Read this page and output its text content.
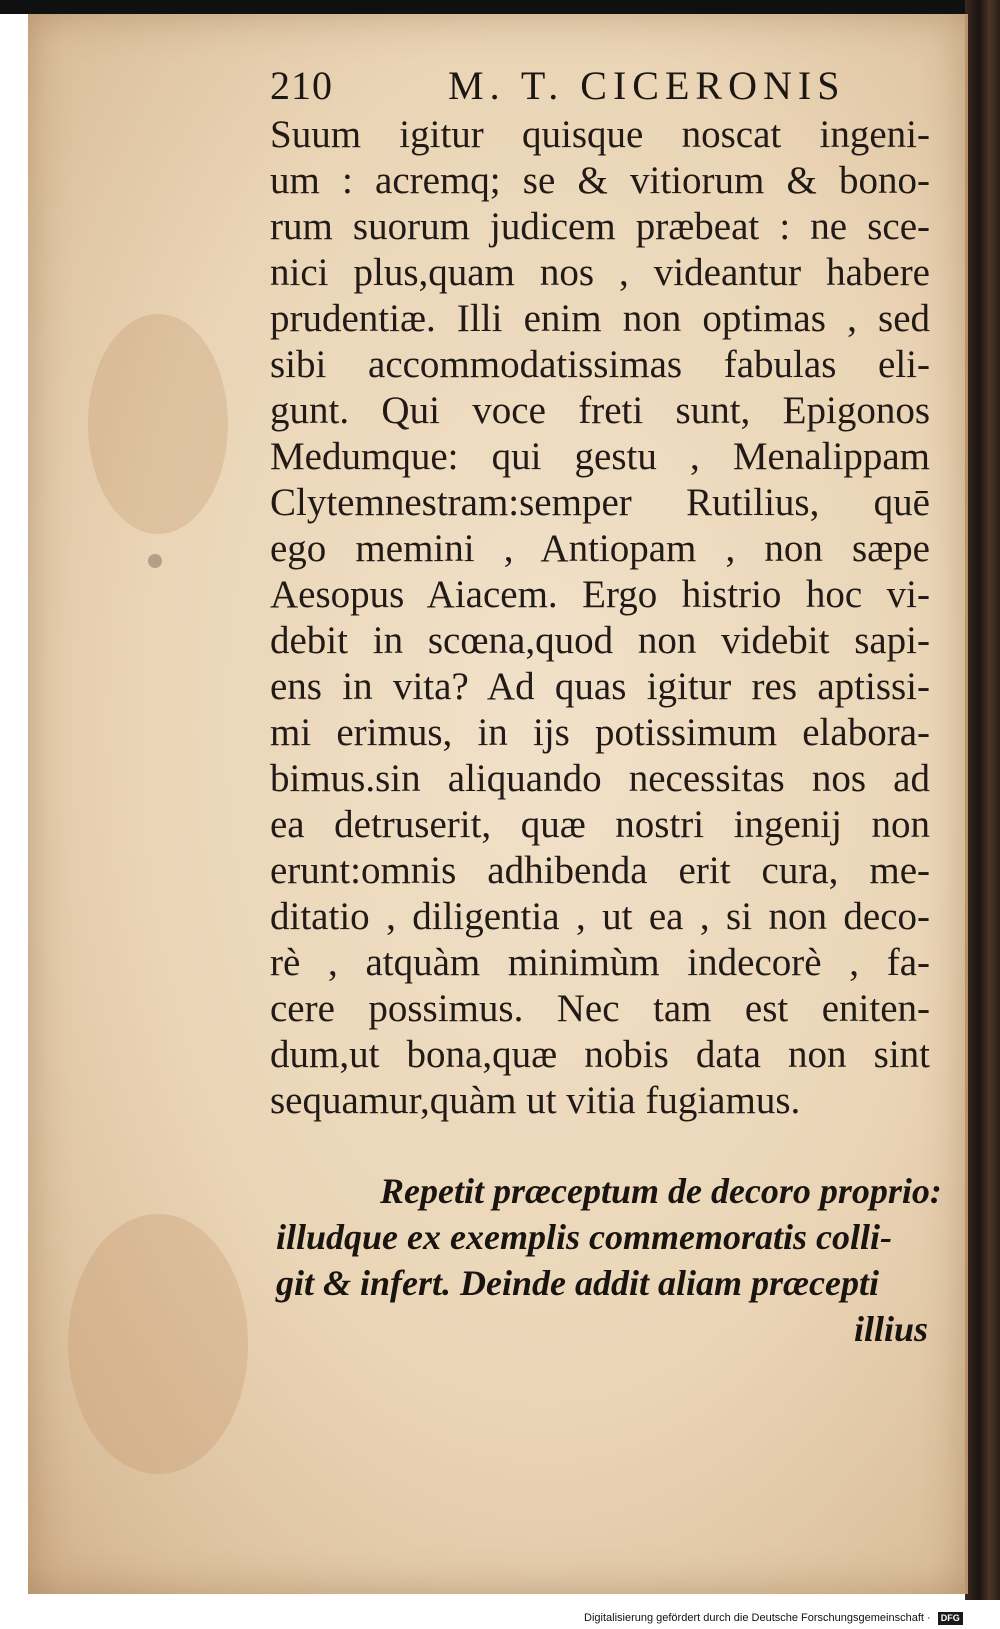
210	M. T. CICERONIS
Suum igitur quisque noscat ingeni-
um : acremq; se & vitiorum & bono-
rum suorum judicem præbeat : ne sce-
nici plus,quam nos , videantur habere
prudentiæ. Illi enim non optimas , sed
sibi accommodatissimas fabulas eli-
gunt. Qui voce freti sunt, Epigonos
Medumque: qui gestu , Menalippam
Clytemnestram:semper Rutilius, quē
ego memini , Antiopam , non sæpe
Aesopus Aiacem. Ergo histrio hoc vi-
debit in scœna,quod non videbit sapi-
ens in vita? Ad quas igitur res aptissi-
mi erimus, in ijs potissimum elabora-
bimus.sin aliquando necessitas nos ad
ea detruserit, quæ nostri ingenij non
erunt:omnis adhibenda erit cura, me-
ditatio , diligentia , ut ea , si non deco-
rè , atquàm minimùm indecorè , fa-
cere possimus. Nec tam est eniten-
dum,ut bona,quæ nobis data non sint
sequamur,quàm ut vitia fugiamus.
Repetit præceptum de decoro proprio:
illudque ex exemplis commemoratis colli-
git & infert. Deinde addit aliam præcepti
illius
Digitalisierung gefördert durch die Deutsche Forschungsgemeinschaft · DFG
